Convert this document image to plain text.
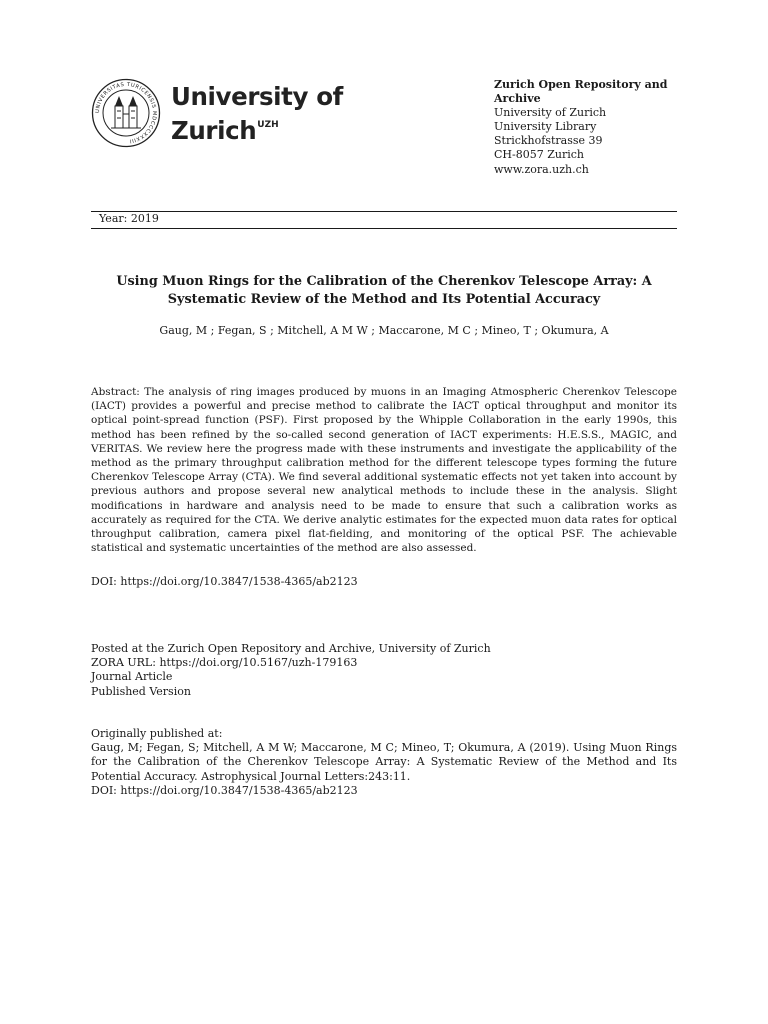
UNIVERSITAS TURICENSIS MDCCCXXXIII
University of
Zurich$^{UZH}$
Zurich Open Repository and
Archive
University of Zurich
University Library
Strickhofstrasse 39
CH-8057 Zurich
www.zora.uzh.ch
Year: 2019
Using Muon Rings for the Calibration of the Cherenkov Telescope Array: A
Systematic Review of the Method and Its Potential Accuracy
Gaug, M ; Fegan, S ; Mitchell, A M W ; Maccarone, M C ; Mineo, T ; Okumura, A
Abstract: The analysis of ring images produced by muons in an Imaging Atmospheric Cherenkov Telescope (IACT) provides a powerful and precise method to calibrate the IACT optical throughput and monitor its optical point-spread function (PSF). First proposed by the Whipple Collaboration in the early 1990s, this method has been refined by the so-called second generation of IACT experiments: H.E.S.S., MAGIC, and VERITAS. We review here the progress made with these instruments and investigate the applicability of the method as the primary throughput calibration method for the different telescope types forming the future Cherenkov Telescope Array (CTA). We find several additional systematic effects not yet taken into account by previous authors and propose several new analytical methods to include these in the analysis. Slight modifications in hardware and analysis need to be made to ensure that such a calibration works as accurately as required for the CTA. We derive analytic estimates for the expected muon data rates for optical throughput calibration, camera pixel flat-fielding, and monitoring of the optical PSF. The achievable statistical and systematic uncertainties of the method are also assessed.
DOI: https://doi.org/10.3847/1538-4365/ab2123
Posted at the Zurich Open Repository and Archive, University of Zurich
ZORA URL: https://doi.org/10.5167/uzh-179163
Journal Article
Published Version
Originally published at:
Gaug, M; Fegan, S; Mitchell, A M W; Maccarone, M C; Mineo, T; Okumura, A (2019). Using Muon Rings for the Calibration of the Cherenkov Telescope Array: A Systematic Review of the Method and Its Potential Accuracy. Astrophysical Journal Letters:243:11.
DOI: https://doi.org/10.3847/1538-4365/ab2123
